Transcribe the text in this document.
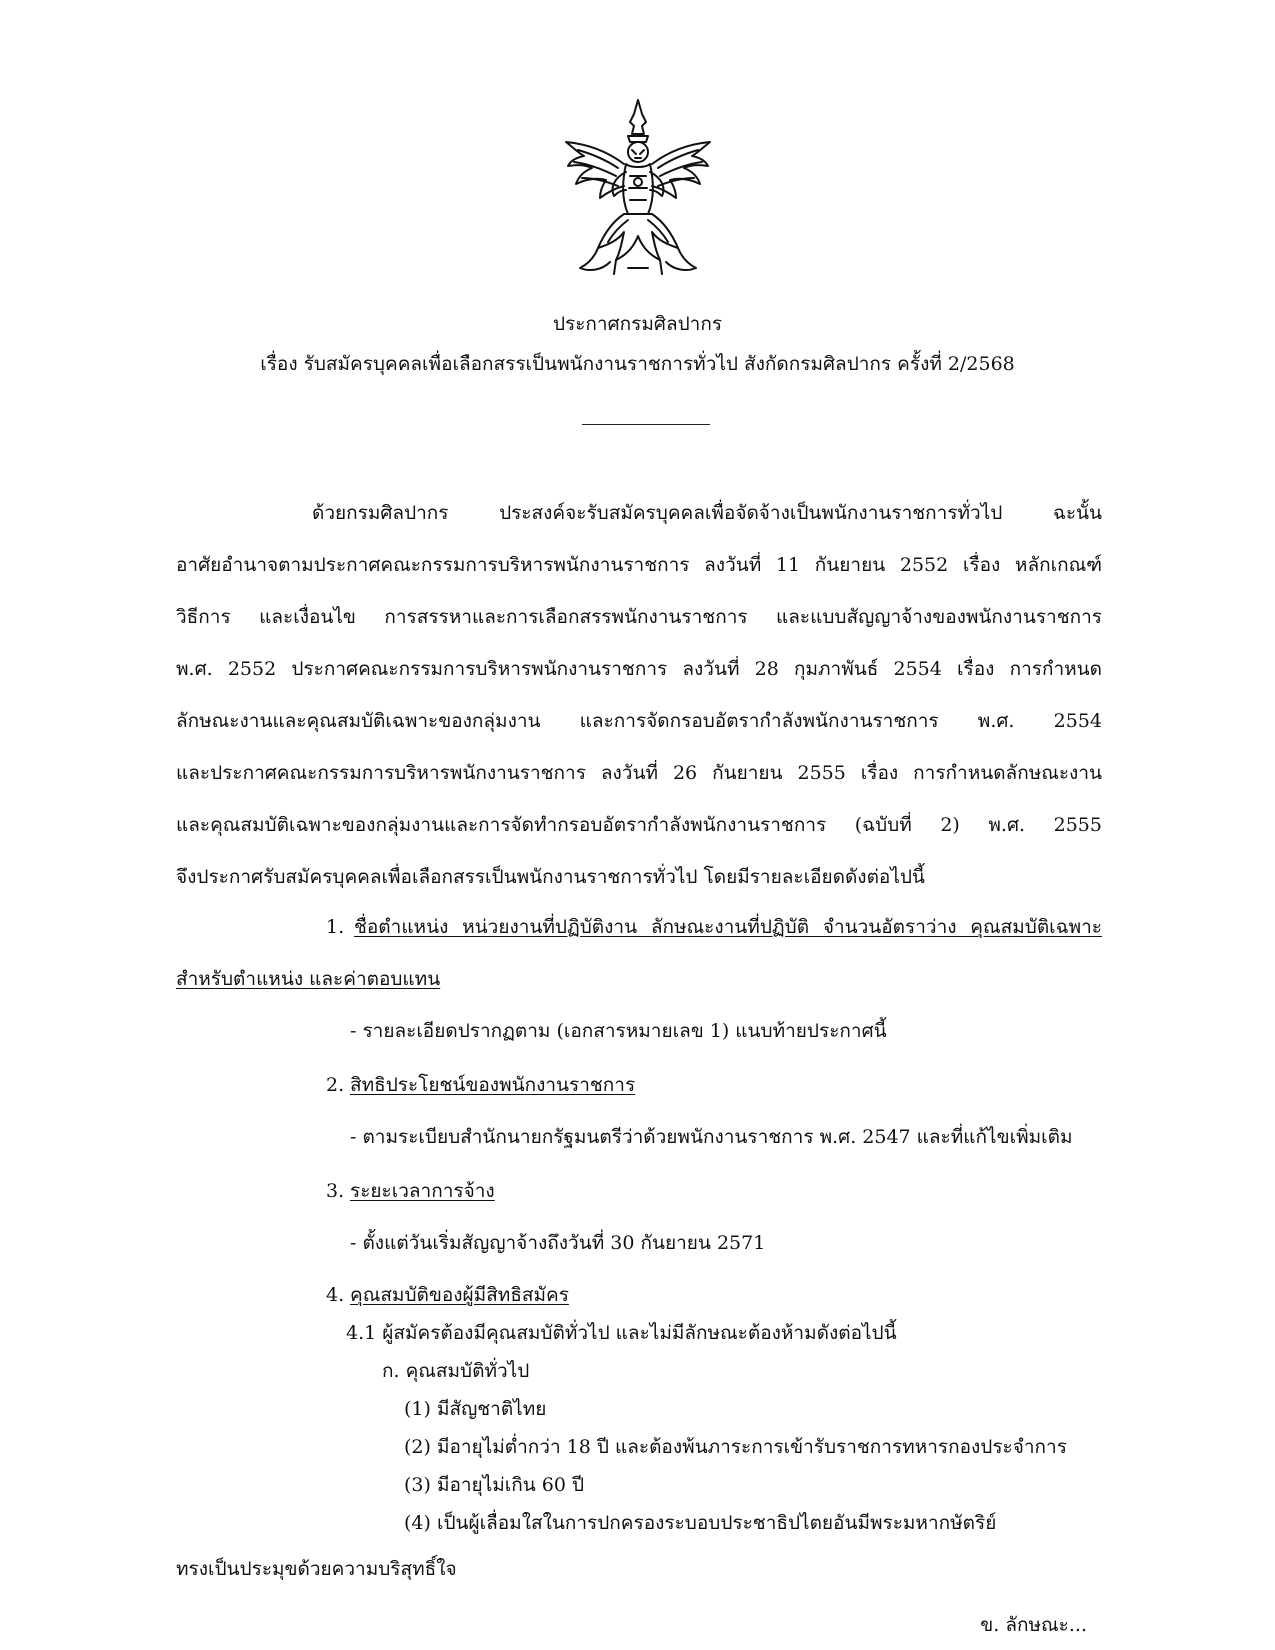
ประกาศกรมศิลปากร
เรื่อง รับสมัครบุคคลเพื่อเลือกสรรเป็นพนักงานราชการทั่วไป สังกัดกรมศิลปากร ครั้งที่ 2/2568
ด้วยกรมศิลปากร ประสงค์จะรับสมัครบุคคลเพื่อจัดจ้างเป็นพนักงานราชการทั่วไป ฉะนั้น
อาศัยอำนาจตามประกาศคณะกรรมการบริหารพนักงานราชการ ลงวันที่ 11 กันยายน 2552 เรื่อง หลักเกณฑ์
วิธีการ และเงื่อนไข การสรรหาและการเลือกสรรพนักงานราชการ และแบบสัญญาจ้างของพนักงานราชการ
พ.ศ. 2552 ประกาศคณะกรรมการบริหารพนักงานราชการ ลงวันที่ 28 กุมภาพันธ์ 2554 เรื่อง การกำหนด
ลักษณะงานและคุณสมบัติเฉพาะของกลุ่มงาน และการจัดกรอบอัตรากำลังพนักงานราชการ พ.ศ. 2554
และประกาศคณะกรรมการบริหารพนักงานราชการ ลงวันที่ 26 กันยายน 2555 เรื่อง การกำหนดลักษณะงาน
และคุณสมบัติเฉพาะของกลุ่มงานและการจัดทำกรอบอัตรากำลังพนักงานราชการ (ฉบับที่ 2) พ.ศ. 2555
จึงประกาศรับสมัครบุคคลเพื่อเลือกสรรเป็นพนักงานราชการทั่วไป โดยมีรายละเอียดดังต่อไปนี้
1. ชื่อตำแหน่ง หน่วยงานที่ปฏิบัติงาน ลักษณะงานที่ปฏิบัติ จำนวนอัตราว่าง คุณสมบัติเฉพาะ
สำหรับตำแหน่ง และค่าตอบแทน
- รายละเอียดปรากฏตาม (เอกสารหมายเลข 1) แนบท้ายประกาศนี้
2. สิทธิประโยชน์ของพนักงานราชการ
- ตามระเบียบสำนักนายกรัฐมนตรีว่าด้วยพนักงานราชการ พ.ศ. 2547 และที่แก้ไขเพิ่มเติม
3. ระยะเวลาการจ้าง
- ตั้งแต่วันเริ่มสัญญาจ้างถึงวันที่ 30 กันยายน 2571
4. คุณสมบัติของผู้มีสิทธิสมัคร
4.1 ผู้สมัครต้องมีคุณสมบัติทั่วไป และไม่มีลักษณะต้องห้ามดังต่อไปนี้
ก. คุณสมบัติทั่วไป
(1) มีสัญชาติไทย
(2) มีอายุไม่ต่ำกว่า 18 ปี และต้องพ้นภาระการเข้ารับราชการทหารกองประจำการ
(3) มีอายุไม่เกิน 60 ปี
(4) เป็นผู้เลื่อมใสในการปกครองระบอบประชาธิปไตยอันมีพระมหากษัตริย์
ทรงเป็นประมุขด้วยความบริสุทธิ์ใจ
ข. ลักษณะ...
